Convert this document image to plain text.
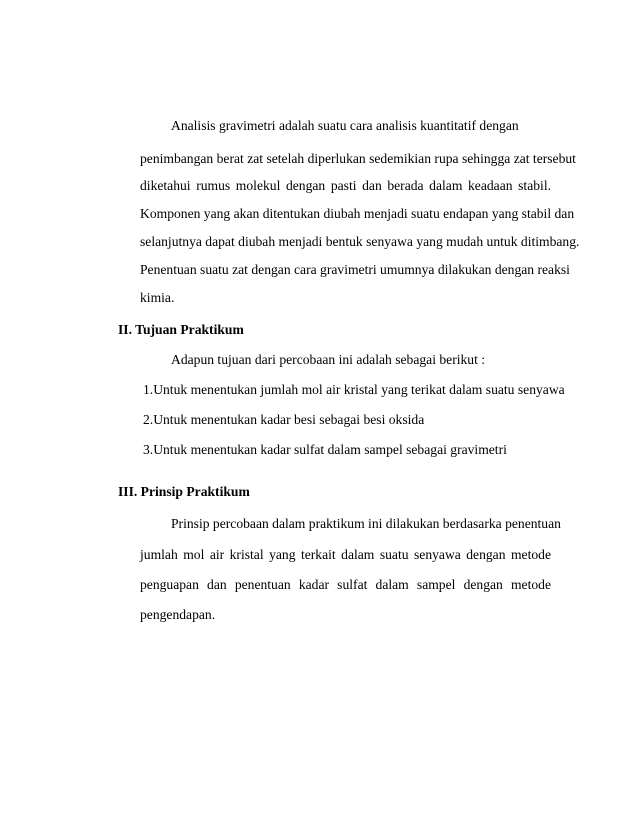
Analisis gravimetri adalah suatu cara analisis kuantitatif dengan
penimbangan berat zat setelah diperlukan sedemikian rupa sehingga zat tersebut
diketahui rumus molekul dengan pasti dan berada dalam keadaan stabil.
Komponen yang akan ditentukan diubah menjadi suatu endapan yang stabil dan
selanjutnya dapat diubah menjadi bentuk senyawa yang mudah untuk ditimbang.
Penentuan suatu zat dengan cara gravimetri umumnya dilakukan dengan reaksi
kimia.
II. Tujuan Praktikum
Adapun tujuan dari percobaan ini adalah sebagai berikut :
1.Untuk menentukan jumlah mol air kristal yang terikat dalam suatu senyawa
2.Untuk menentukan kadar besi sebagai besi oksida
3.Untuk menentukan kadar sulfat dalam sampel sebagai gravimetri
III. Prinsip Praktikum
Prinsip percobaan dalam praktikum ini dilakukan berdasarka penentuan
jumlah mol air kristal yang terkait dalam suatu senyawa dengan metode
penguapan dan penentuan kadar sulfat dalam sampel dengan metode
pengendapan.
